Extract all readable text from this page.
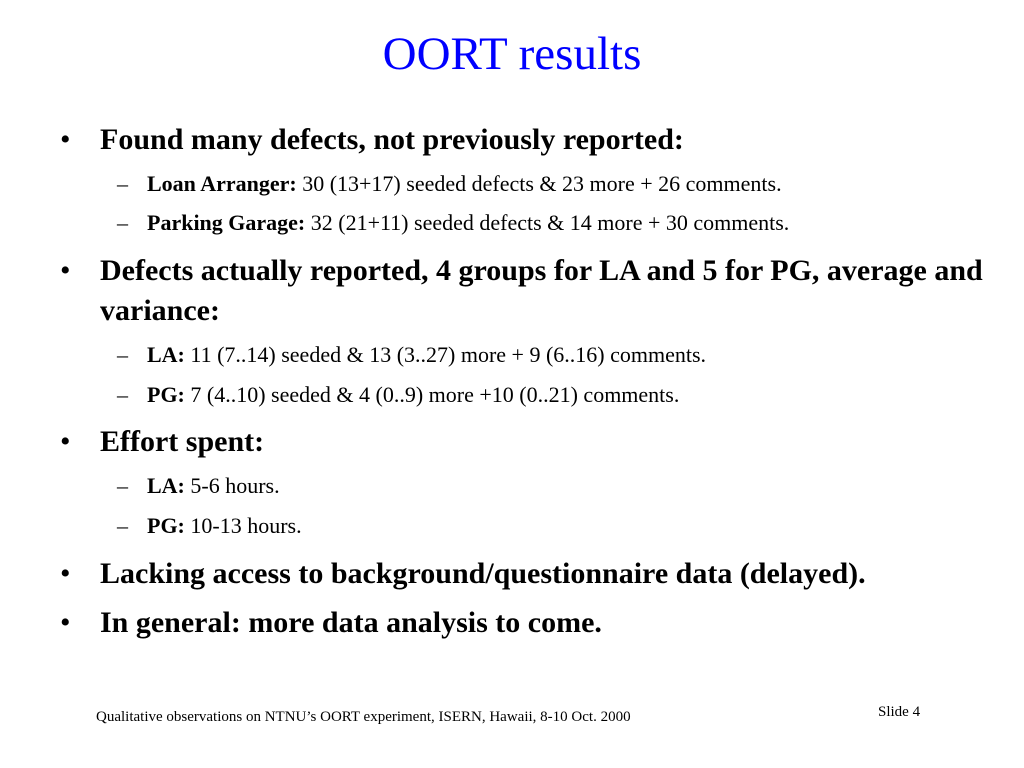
OORT results
• Found many defects, not previously reported:
– Loan Arranger: 30 (13+17) seeded defects & 23 more + 26 comments.
– Parking Garage: 32 (21+11) seeded defects & 14 more + 30 comments.
• Defects actually reported, 4 groups for LA and 5 for PG, average and variance:
– LA: 11 (7..14) seeded & 13 (3..27) more + 9 (6..16) comments.
– PG: 7 (4..10) seeded & 4 (0..9) more +10 (0..21) comments.
• Effort spent:
– LA: 5-6 hours.
– PG: 10-13 hours.
• Lacking access to background/questionnaire data (delayed).
• In general: more data analysis to come.
Qualitative observations on NTNU’s OORT experiment, ISERN, Hawaii, 8-10 Oct. 2000	Slide 4
